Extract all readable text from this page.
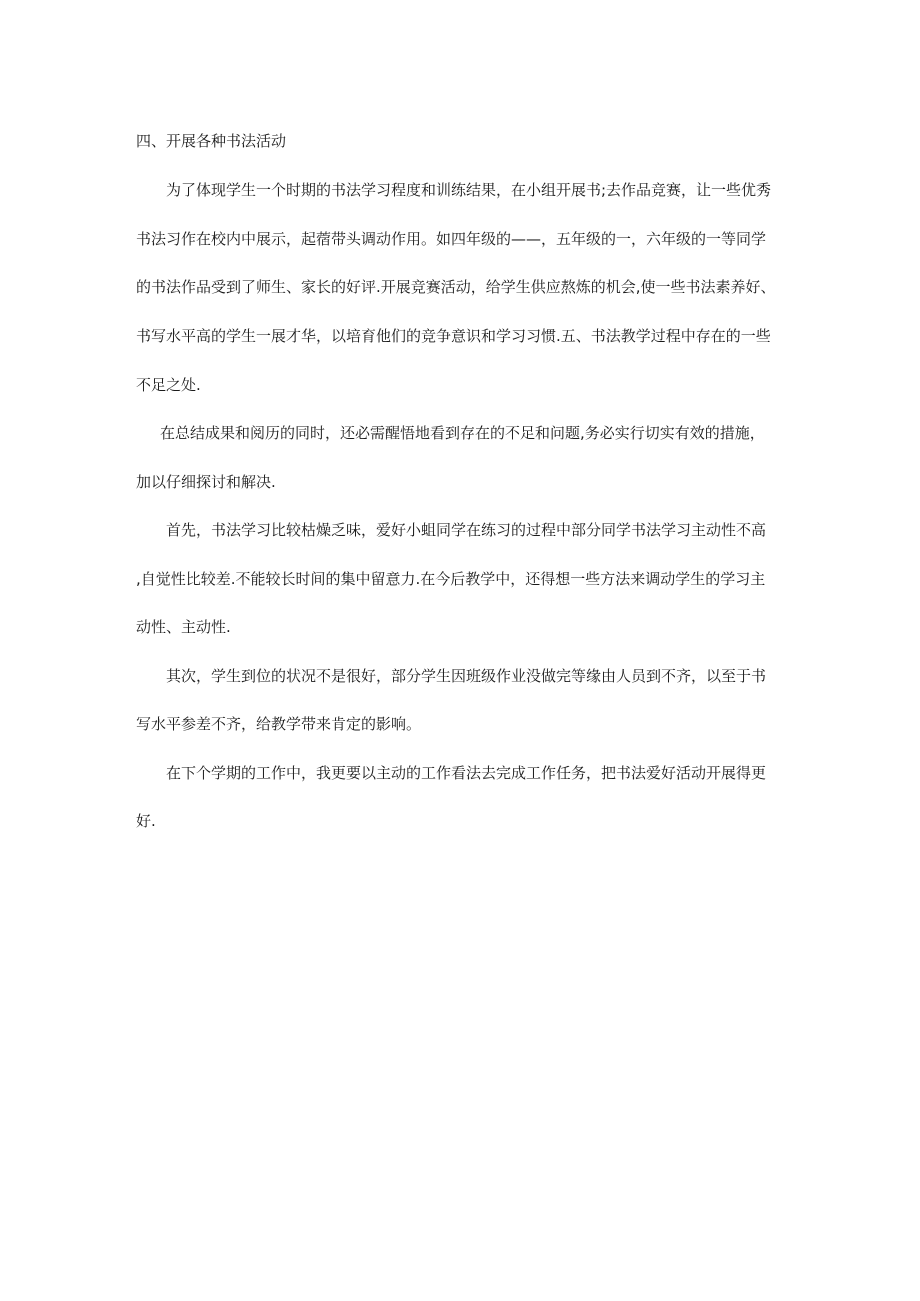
四、开展各种书法活动
为了体现学生一个时期的书法学习程度和训练结果，在小组开展书;去作品竞赛，让一些优秀
书法习作在校内中展示，起蓿带头调动作用。如四年级的——，五年级的一，六年级的一等同学
的书法作品受到了师生、家长的好评.开展竞赛活动，给学生供应熬炼的机会,使一些书法素养好、
书写水平高的学生一展才华，以培育他们的竞争意识和学习习惯.五、书法教学过程中存在的一些
不足之处.
在总结成果和阅历的同时，还必需醒悟地看到存在的不足和问题,务必实行切实有效的措施，
加以仔细探讨和解决.
首先，书法学习比较枯燥乏味，爱好小蛆同学在练习的过程中部分同学书法学习主动性不高
,自觉性比较差.不能较长时间的集中留意力.在今后教学中，还得想一些方法来调动学生的学习主
动性、主动性.
其次，学生到位的状况不是很好，部分学生因班级作业没做完等缘由人员到不齐，以至于书
写水平参差不齐，给教学带来肯定的影响。
在下个学期的工作中，我更要以主动的工作看法去完成工作任务，把书法爱好活动开展得更
好.
